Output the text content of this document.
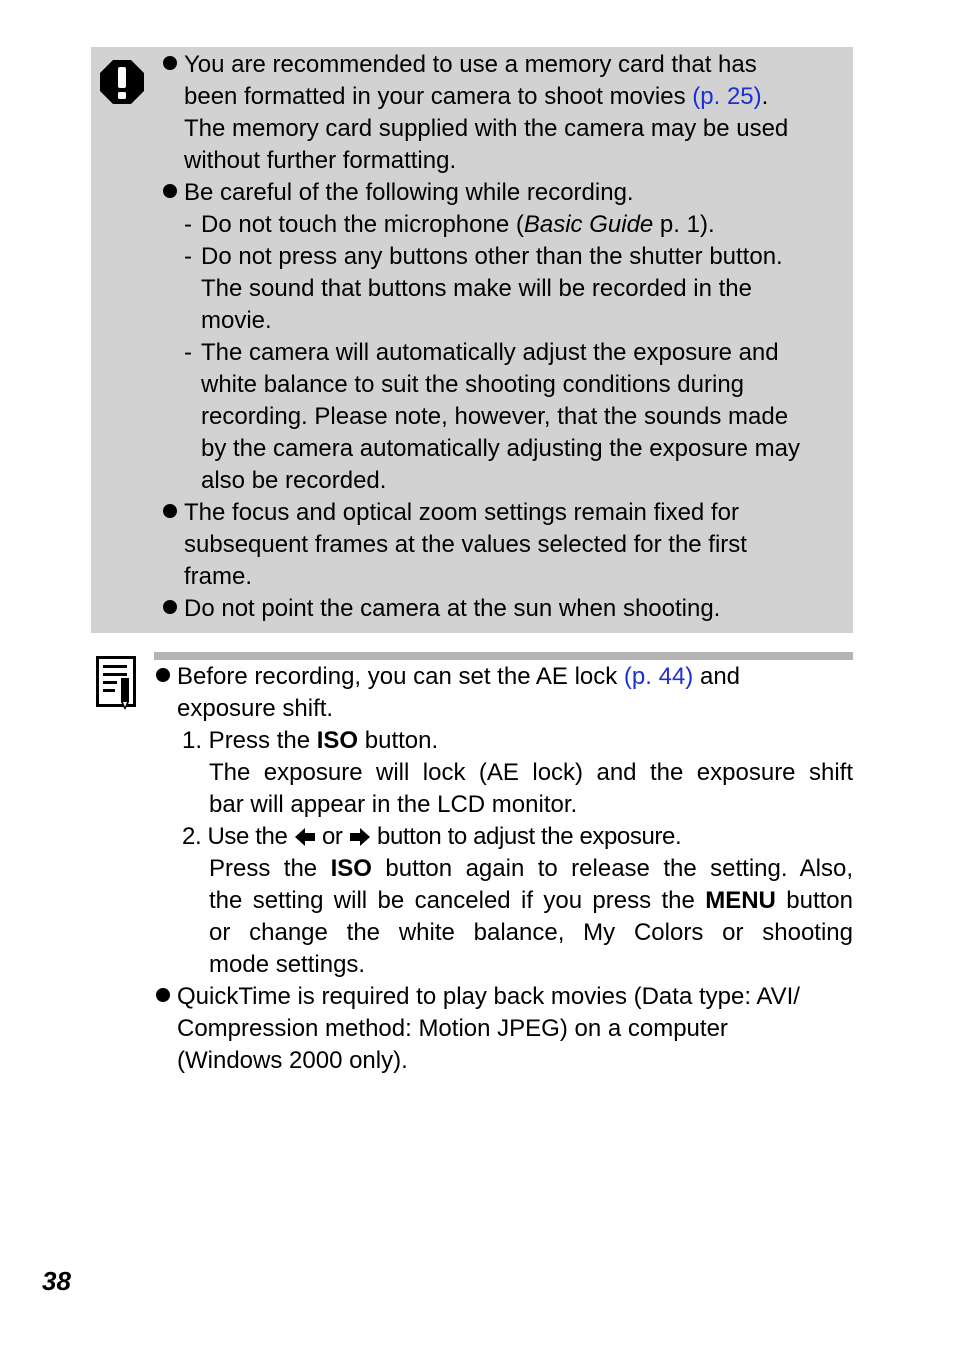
You are recommended to use a memory card that has
been formatted in your camera to shoot movies (p. 25).
The memory card supplied with the camera may be used
without further formatting.
Be careful of the following while recording.
- Do not touch the microphone (Basic Guide p. 1).
- Do not press any buttons other than the shutter button.
The sound that buttons make will be recorded in the
movie.
- The camera will automatically adjust the exposure and
white balance to suit the shooting conditions during
recording. Please note, however, that the sounds made
by the camera automatically adjusting the exposure may
also be recorded.
The focus and optical zoom settings remain fixed for
subsequent frames at the values selected for the first
frame.
Do not point the camera at the sun when shooting.
Before recording, you can set the AE lock (p. 44) and
exposure shift.
1. Press the ISO button.
The exposure will lock (AE lock) and the exposure shift
bar will appear in the LCD monitor.
2. Use the  or  button to adjust the exposure.
Press the ISO button again to release the setting. Also,
the setting will be canceled if you press the MENU button
or change the white balance, My Colors or shooting
mode settings.
QuickTime is required to play back movies (Data type: AVI/
Compression method: Motion JPEG) on a computer
(Windows 2000 only).
38
